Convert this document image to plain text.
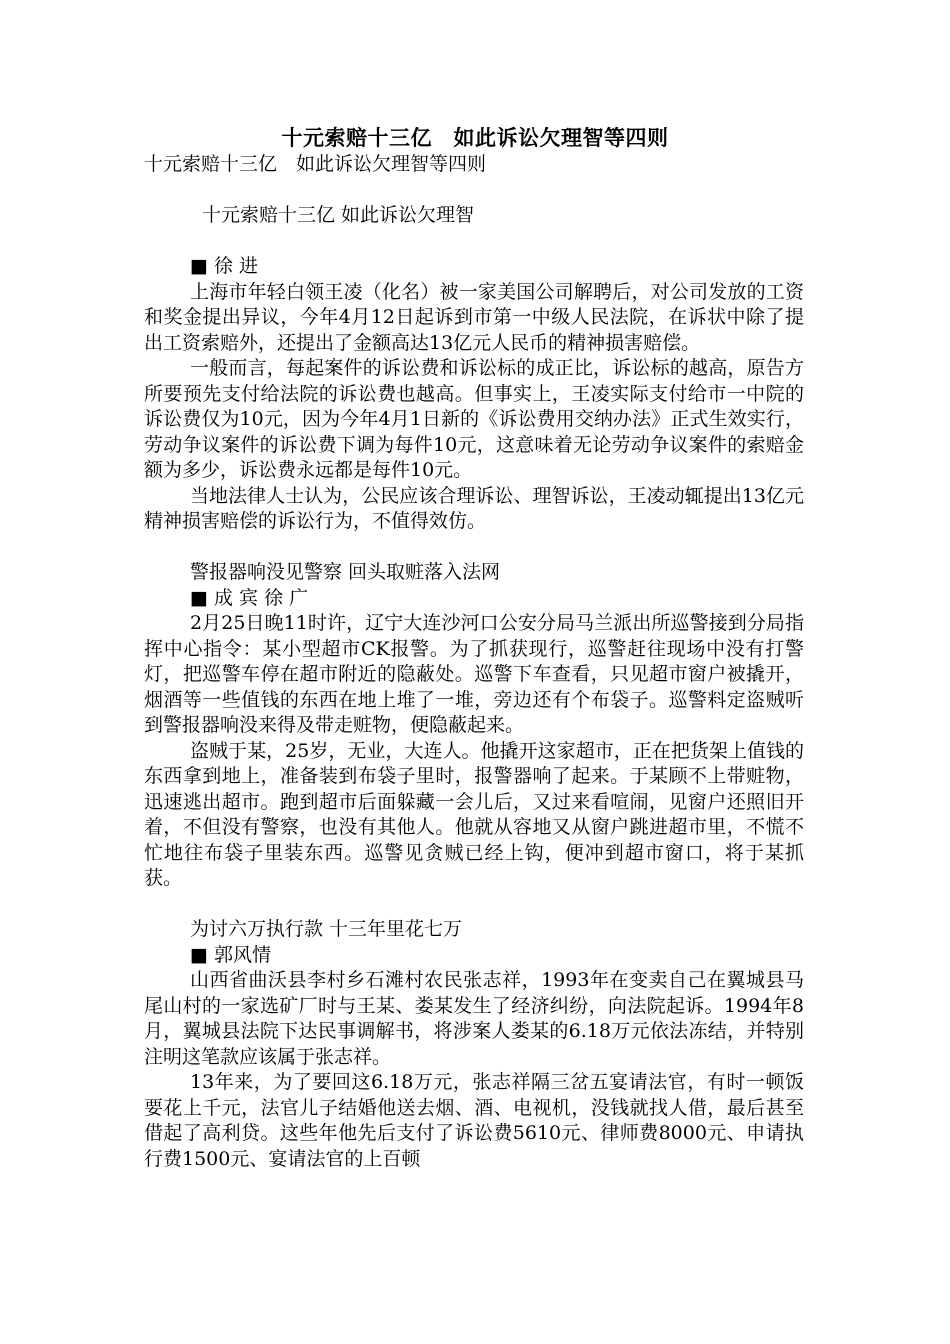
十元索赔十三亿　如此诉讼欠理智等四则

十元索赔十三亿　如此诉讼欠理智等四则

十元索赔十三亿 如此诉讼欠理智

■ 徐 进

上海市年轻白领王凌（化名）被一家美国公司解聘后，对公司发放的工资和奖金提出异议，今年4月12日起诉到市第一中级人民法院，在诉状中除了提出工资索赔外，还提出了金额高达13亿元人民币的精神损害赔偿。

一般而言，每起案件的诉讼费和诉讼标的成正比，诉讼标的越高，原告方所要预先支付给法院的诉讼费也越高。但事实上，王凌实际支付给市一中院的诉讼费仅为10元，因为今年4月1日新的《诉讼费用交纳办法》正式生效实行，劳动争议案件的诉讼费下调为每件10元，这意味着无论劳动争议案件的索赔金额为多少，诉讼费永远都是每件10元。

当地法律人士认为，公民应该合理诉讼、理智诉讼，王凌动辄提出13亿元精神损害赔偿的诉讼行为，不值得效仿。

警报器响没见警察 回头取赃落入法网

■ 成 宾 徐 广

2月25日晚11时许，辽宁大连沙河口公安分局马兰派出所巡警接到分局指挥中心指令：某小型超市CK报警。为了抓获现行，巡警赶往现场中没有打警灯，把巡警车停在超市附近的隐蔽处。巡警下车查看，只见超市窗户被撬开，烟酒等一些值钱的东西在地上堆了一堆，旁边还有个布袋子。巡警料定盗贼听到警报器响没来得及带走赃物，便隐蔽起来。

盗贼于某，25岁，无业，大连人。他撬开这家超市，正在把货架上值钱的东西拿到地上，准备装到布袋子里时，报警器响了起来。于某顾不上带赃物，迅速逃出超市。跑到超市后面躲藏一会儿后，又过来看喧闹，见窗户还照旧开着，不但没有警察，也没有其他人。他就从容地又从窗户跳进超市里，不慌不忙地往布袋子里装东西。巡警见贪贼已经上钩，便冲到超市窗口，将于某抓获。

为讨六万执行款 十三年里花七万

■ 郭风情

山西省曲沃县李村乡石滩村农民张志祥，1993年在变卖自己在翼城县马尾山村的一家选矿厂时与王某、娄某发生了经济纠纷，向法院起诉。1994年8月，翼城县法院下达民事调解书，将涉案人娄某的6.18万元依法冻结，并特别注明这笔款应该属于张志祥。

13年来，为了要回这6.18万元，张志祥隔三岔五宴请法官，有时一顿饭要花上千元，法官儿子结婚他送去烟、酒、电视机，没钱就找人借，最后甚至借起了高利贷。这些年他先后支付了诉讼费5610元、律师费8000元、申请执行费1500元、宴请法官的上百顿
